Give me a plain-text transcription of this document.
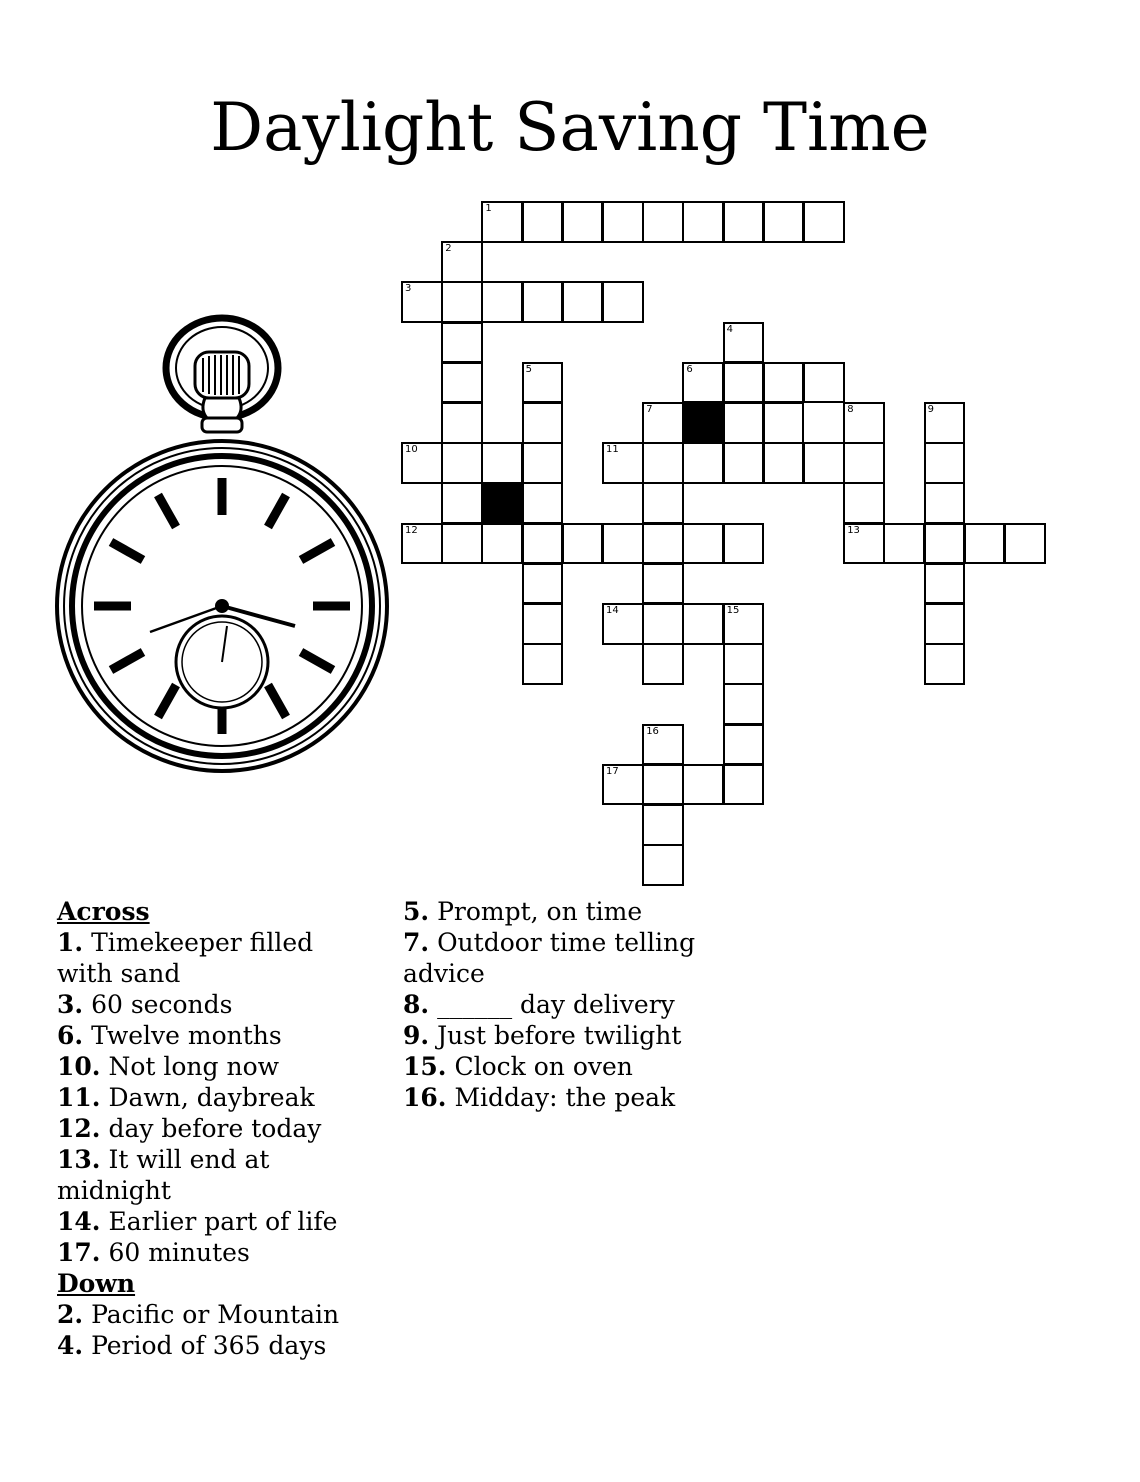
Daylight Saving Time
1
2
3
4
5	6
7	8	9
10	11
12	13
14	15
16
17
Across
1. Timekeeper filled with sand
3. 60 seconds
6. Twelve months
10. Not long now
11. Dawn, daybreak
12. day before today
13. It will end at midnight
14. Earlier part of life
17. 60 minutes
Down
2. Pacific or Mountain
4. Period of 365 days
5. Prompt, on time
7. Outdoor time telling advice
8. ______ day delivery
9. Just before twilight
15. Clock on oven
16. Midday: the peak
